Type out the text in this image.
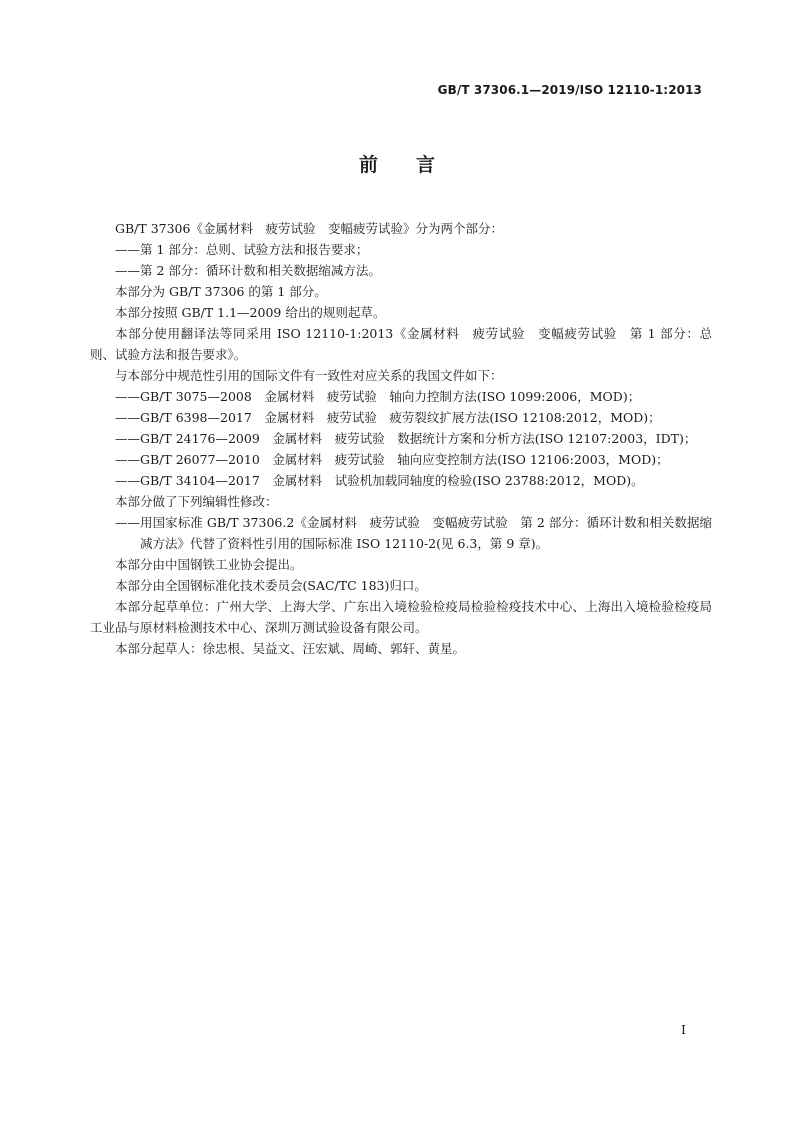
GB/T 37306.1—2019/ISO 12110-1:2013
前言

GB/T 37306《金属材料　疲劳试验　变幅疲劳试验》分为两个部分：

——第 1 部分：总则、试验方法和报告要求；

——第 2 部分：循环计数和相关数据缩减方法。

本部分为 GB/T 37306 的第 1 部分。

本部分按照 GB/T 1.1—2009 给出的规则起草。

本部分使用翻译法等同采用 ISO 12110-1:2013《金属材料　疲劳试验　变幅疲劳试验　第 1 部分：总则、试验方法和报告要求》。

与本部分中规范性引用的国际文件有一致性对应关系的我国文件如下：

——GB/T 3075—2008　金属材料　疲劳试验　轴向力控制方法(ISO 1099:2006，MOD)；

——GB/T 6398—2017　金属材料　疲劳试验　疲劳裂纹扩展方法(ISO 12108:2012，MOD)；

——GB/T 24176—2009　金属材料　疲劳试验　数据统计方案和分析方法(ISO 12107:2003，IDT)；

——GB/T 26077—2010　金属材料　疲劳试验　轴向应变控制方法(ISO 12106:2003，MOD)；

——GB/T 34104—2017　金属材料　试验机加载同轴度的检验(ISO 23788:2012，MOD)。

本部分做了下列编辑性修改：

——用国家标准 GB/T 37306.2《金属材料　疲劳试验　变幅疲劳试验　第 2 部分：循环计数和相关数据缩减方法》代替了资料性引用的国际标准 ISO 12110-2(见 6.3，第 9 章)。

本部分由中国钢铁工业协会提出。

本部分由全国钢标准化技术委员会(SAC/TC 183)归口。

本部分起草单位：广州大学、上海大学、广东出入境检验检疫局检验检疫技术中心、上海出入境检验检疫局工业品与原材料检测技术中心、深圳万测试验设备有限公司。

本部分起草人：徐忠根、吴益文、汪宏斌、周崎、郭轩、黄星。

I
